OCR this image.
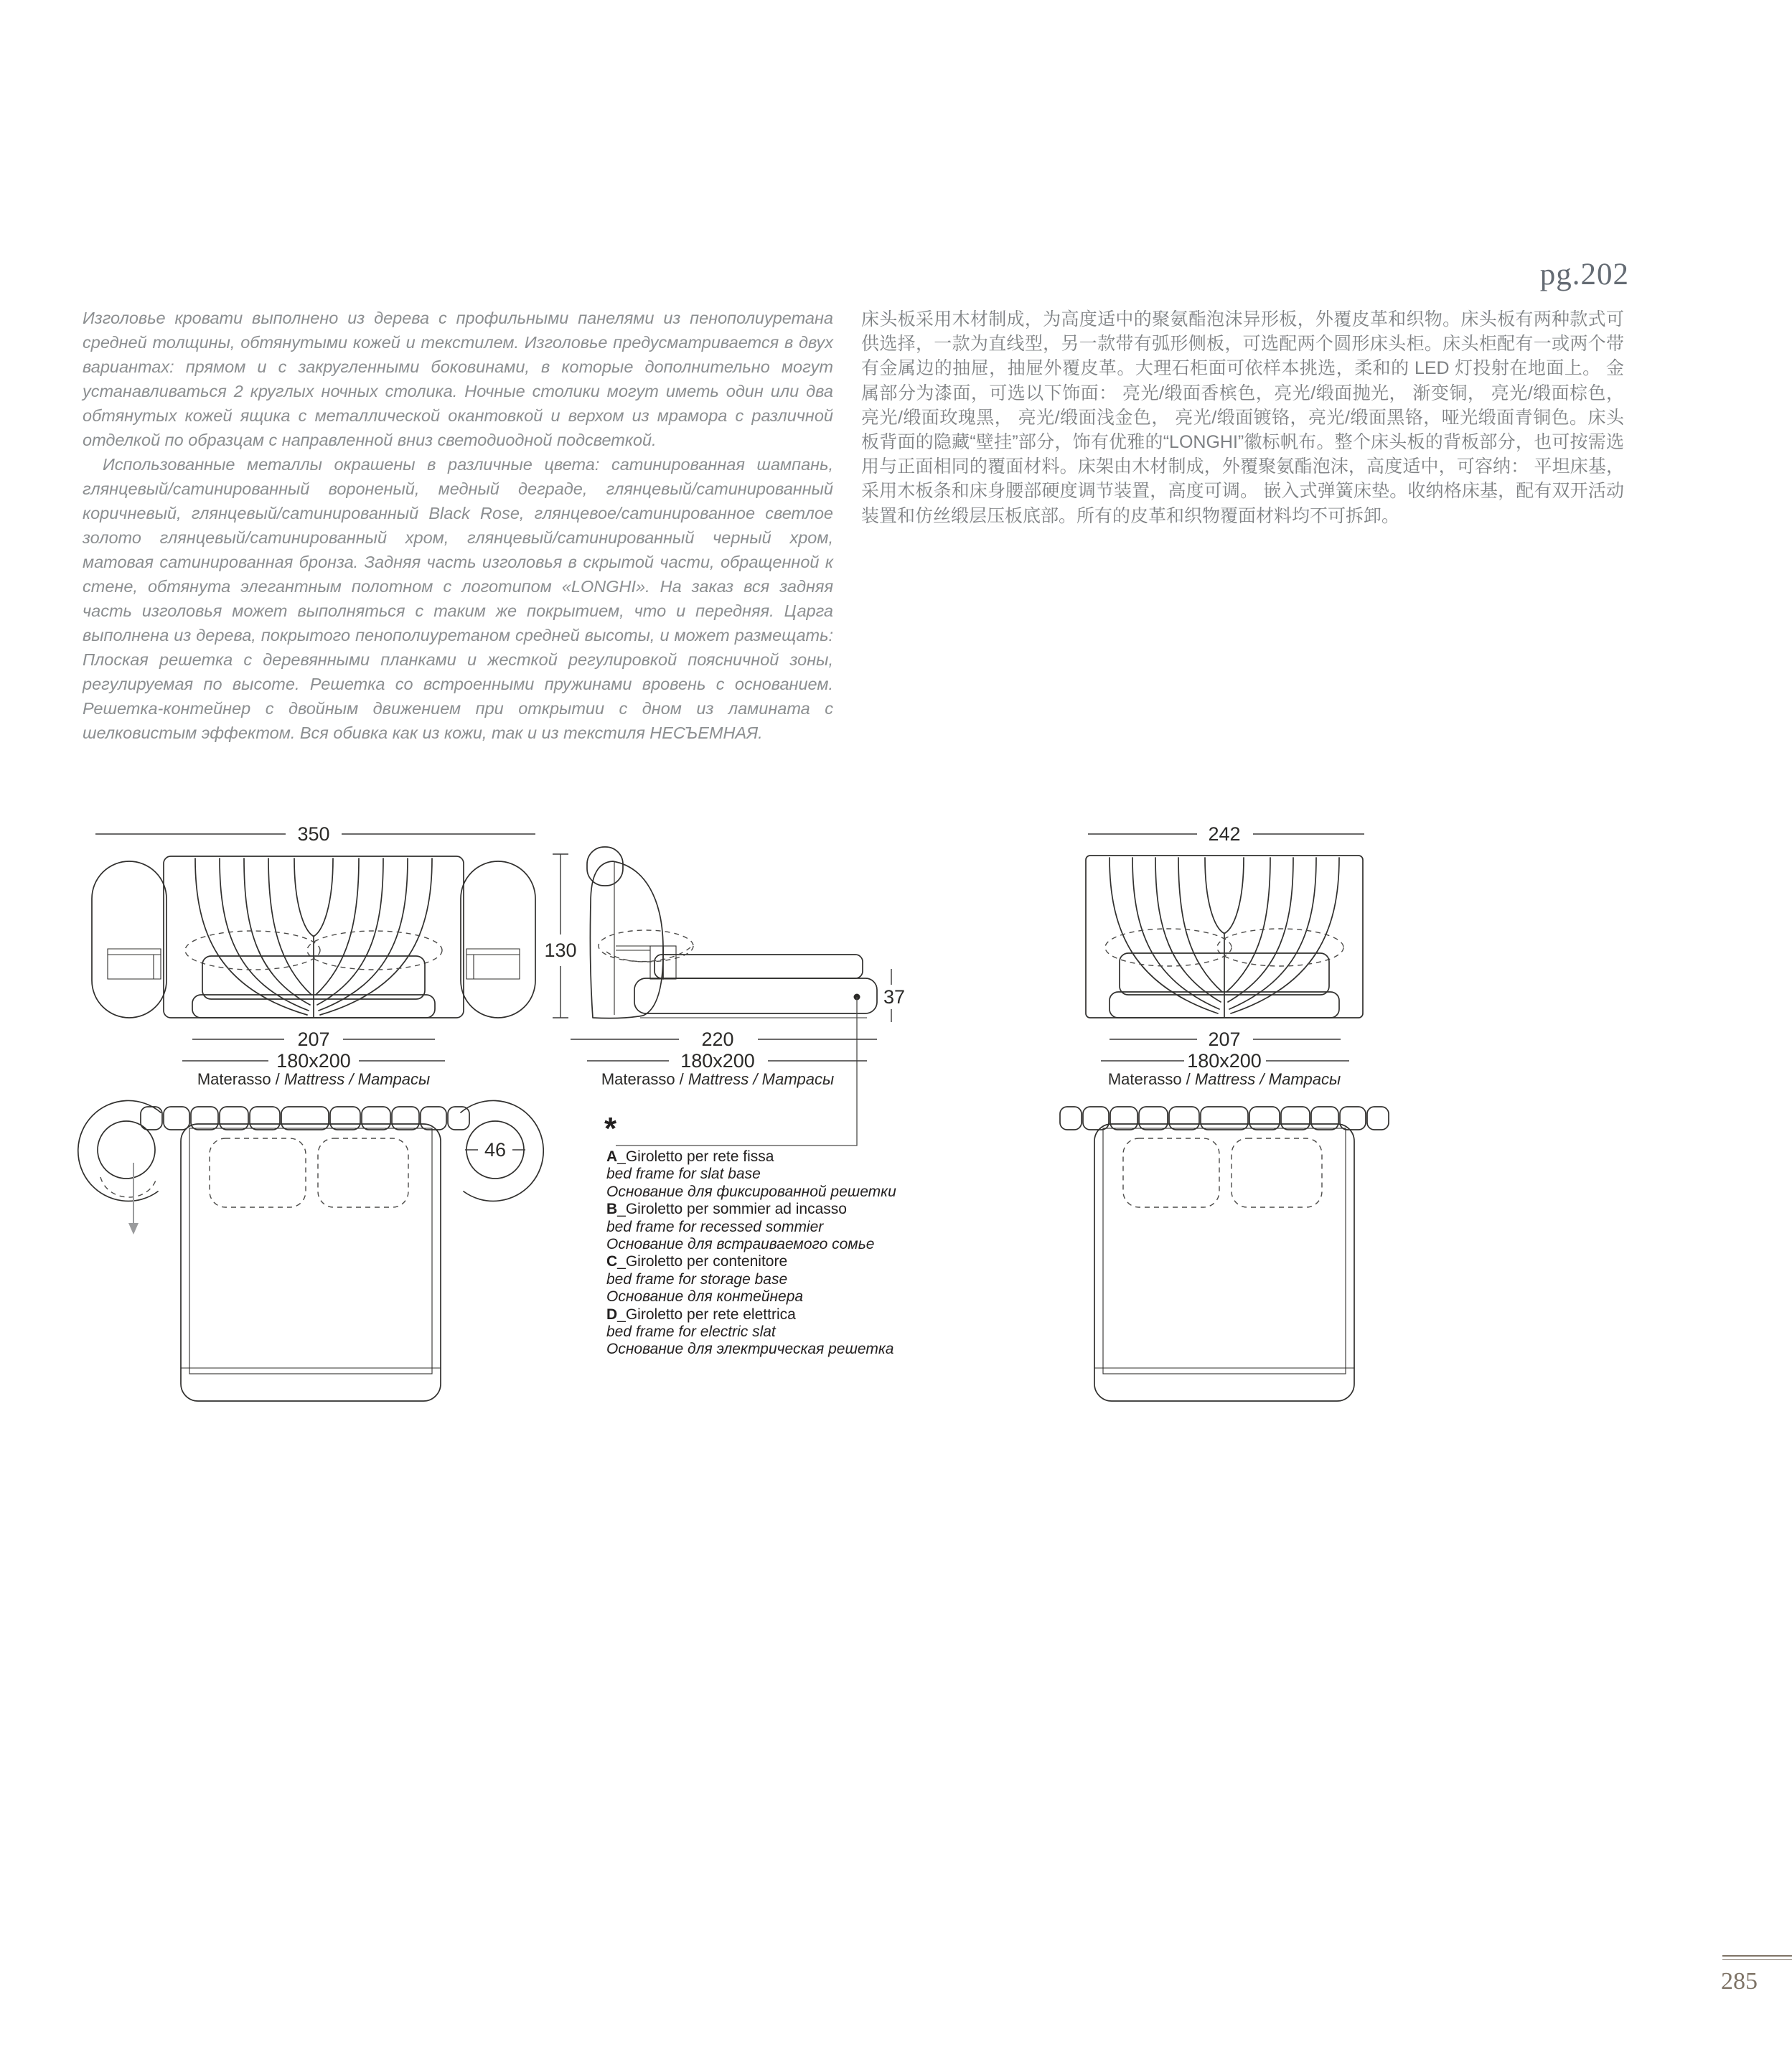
pg.202

Изголовье кровати выполнено из дерева с профильными панелями из пенополиуретана средней толщины, обтянутыми кожей и текстилем. Изголовье предусматривается в двух вариантах: прямом и с закругленными боковинами, в которые дополнительно могут устанавливаться 2 круглых ночных столика. Ночные столики могут иметь один или два обтянутых кожей ящика с металлической окантовкой и верхом из мрамора с различной отделкой по образцам с направленной вниз светодиодной подсветкой.

Использованные металлы окрашены в различные цвета: сатинированная шампань, глянцевый/сатинированный вороненый, медный деграде, глянцевый/сатинированный коричневый, глянцевый/сатинированный Black Rose, глянцевое/сатинированное светлое золото глянцевый/сатинированный хром, глянцевый/сатинированный черный хром, матовая сатинированная бронза. Задняя часть изголовья в скрытой части, обращенной к стене, обтянута элегантным полотном с логотипом «LONGHI». На заказ вся задняя часть изголовья может выполняться с таким же покрытием, что и передняя. Царга выполнена из дерева, покрытого пенополиуретаном средней высоты, и может размещать: Плоская решетка с деревянными планками и жесткой регулировкой поясничной зоны, регулируемая по высоте. Решетка со встроенными пружинами вровень с основанием. Решетка-контейнер с двойным движением при открытии с дном из ламината с шелковистым эффектом. Вся обивка как из кожи, так и из текстиля НЕСЪЕМНАЯ.

床头板采用木材制成，为高度适中的聚氨酯泡沫异形板，外覆皮革和织物。床头板有两种款式可供选择，一款为直线型，另一款带有弧形侧板，可选配两个圆形床头柜。床头柜配有一或两个带有金属边的抽屉，抽屉外覆皮革。大理石柜面可依样本挑选，柔和的 LED 灯投射在地面上。 金属部分为漆面，可选以下饰面： 亮光/缎面香槟色，亮光/缎面抛光， 渐变铜， 亮光/缎面棕色， 亮光/缎面玫瑰黑， 亮光/缎面浅金色， 亮光/缎面镀铬，亮光/缎面黑铬，哑光缎面青铜色。床头板背面的隐藏“壁挂”部分，饰有优雅的“LONGHI”徽标帆布。整个床头板的背板部分，也可按需选用与正面相同的覆面材料。床架由木材制成，外覆聚氨酯泡沫，高度适中，可容纳： 平坦床基，采用木板条和床身腰部硬度调节装置，高度可调。 嵌入式弹簧床垫。收纳格床基，配有双开活动装置和仿丝缎层压板底部。所有的皮革和织物覆面材料均不可拆卸。
350
130
207
180x200
Materasso / Mattress / Матрасы
220
180x200
37
Materasso / Mattress / Матрасы
242
207
180x200
Materasso / Mattress / Матрасы
46
*
A_Giroletto per rete fissa
bed frame for slat base
Основание для фиксированной решетки
B_Giroletto per sommier ad incasso
bed frame for recessed sommier
Основание для встраиваемого сомье
C_Giroletto per contenitore
bed frame for storage base
Основание для контейнера
D_Giroletto per rete elettrica
bed frame for electric slat
Основание для электрическая решетка
285
